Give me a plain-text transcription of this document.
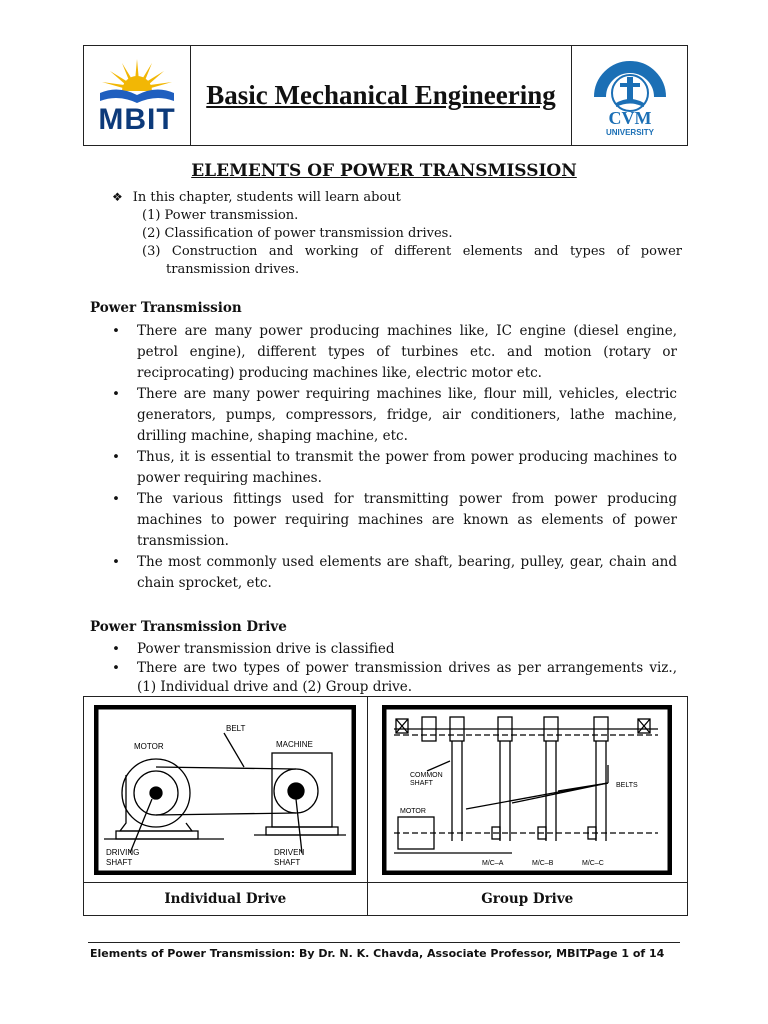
MBIT
Basic Mechanical Engineering
CVM
UNIVERSITY
ELEMENTS OF POWER TRANSMISSION
❖ In this chapter, students will learn about
(1) Power transmission.
(2) Classification of power transmission drives.
(3) Construction and working of different elements and types of power transmission drives.
Power Transmission
• There are many power producing machines like, IC engine (diesel engine, petrol engine), different types of turbines etc. and motion (rotary or reciprocating) producing machines like, electric motor etc.
• There are many power requiring machines like, flour mill, vehicles, electric generators, pumps, compressors, fridge, air conditioners, lathe machine, drilling machine, shaping machine, etc.
• Thus, it is essential to transmit the power from power producing machines to power requiring machines.
• The various fittings used for transmitting power from power producing machines to power requiring machines are known as elements of power transmission.
• The most commonly used elements are shaft, bearing, pulley, gear, chain and chain sprocket, etc.
Power Transmission Drive
• Power transmission drive is classified
• There are two types of power transmission drives as per arrangements viz., (1) Individual drive and (2) Group drive.
BELT
MOTOR	MACHINE
DRIVING
SHAFT
DRIVEN
SHAFT
COMMON
SHAFT	BELTS
MOTOR
M/C–A	M/C–B	M/C–C
Individual Drive	Group Drive
Elements of Power Transmission: By Dr. N. K. Chavda, Associate Professor, MBIT.
Page 1 of 14
